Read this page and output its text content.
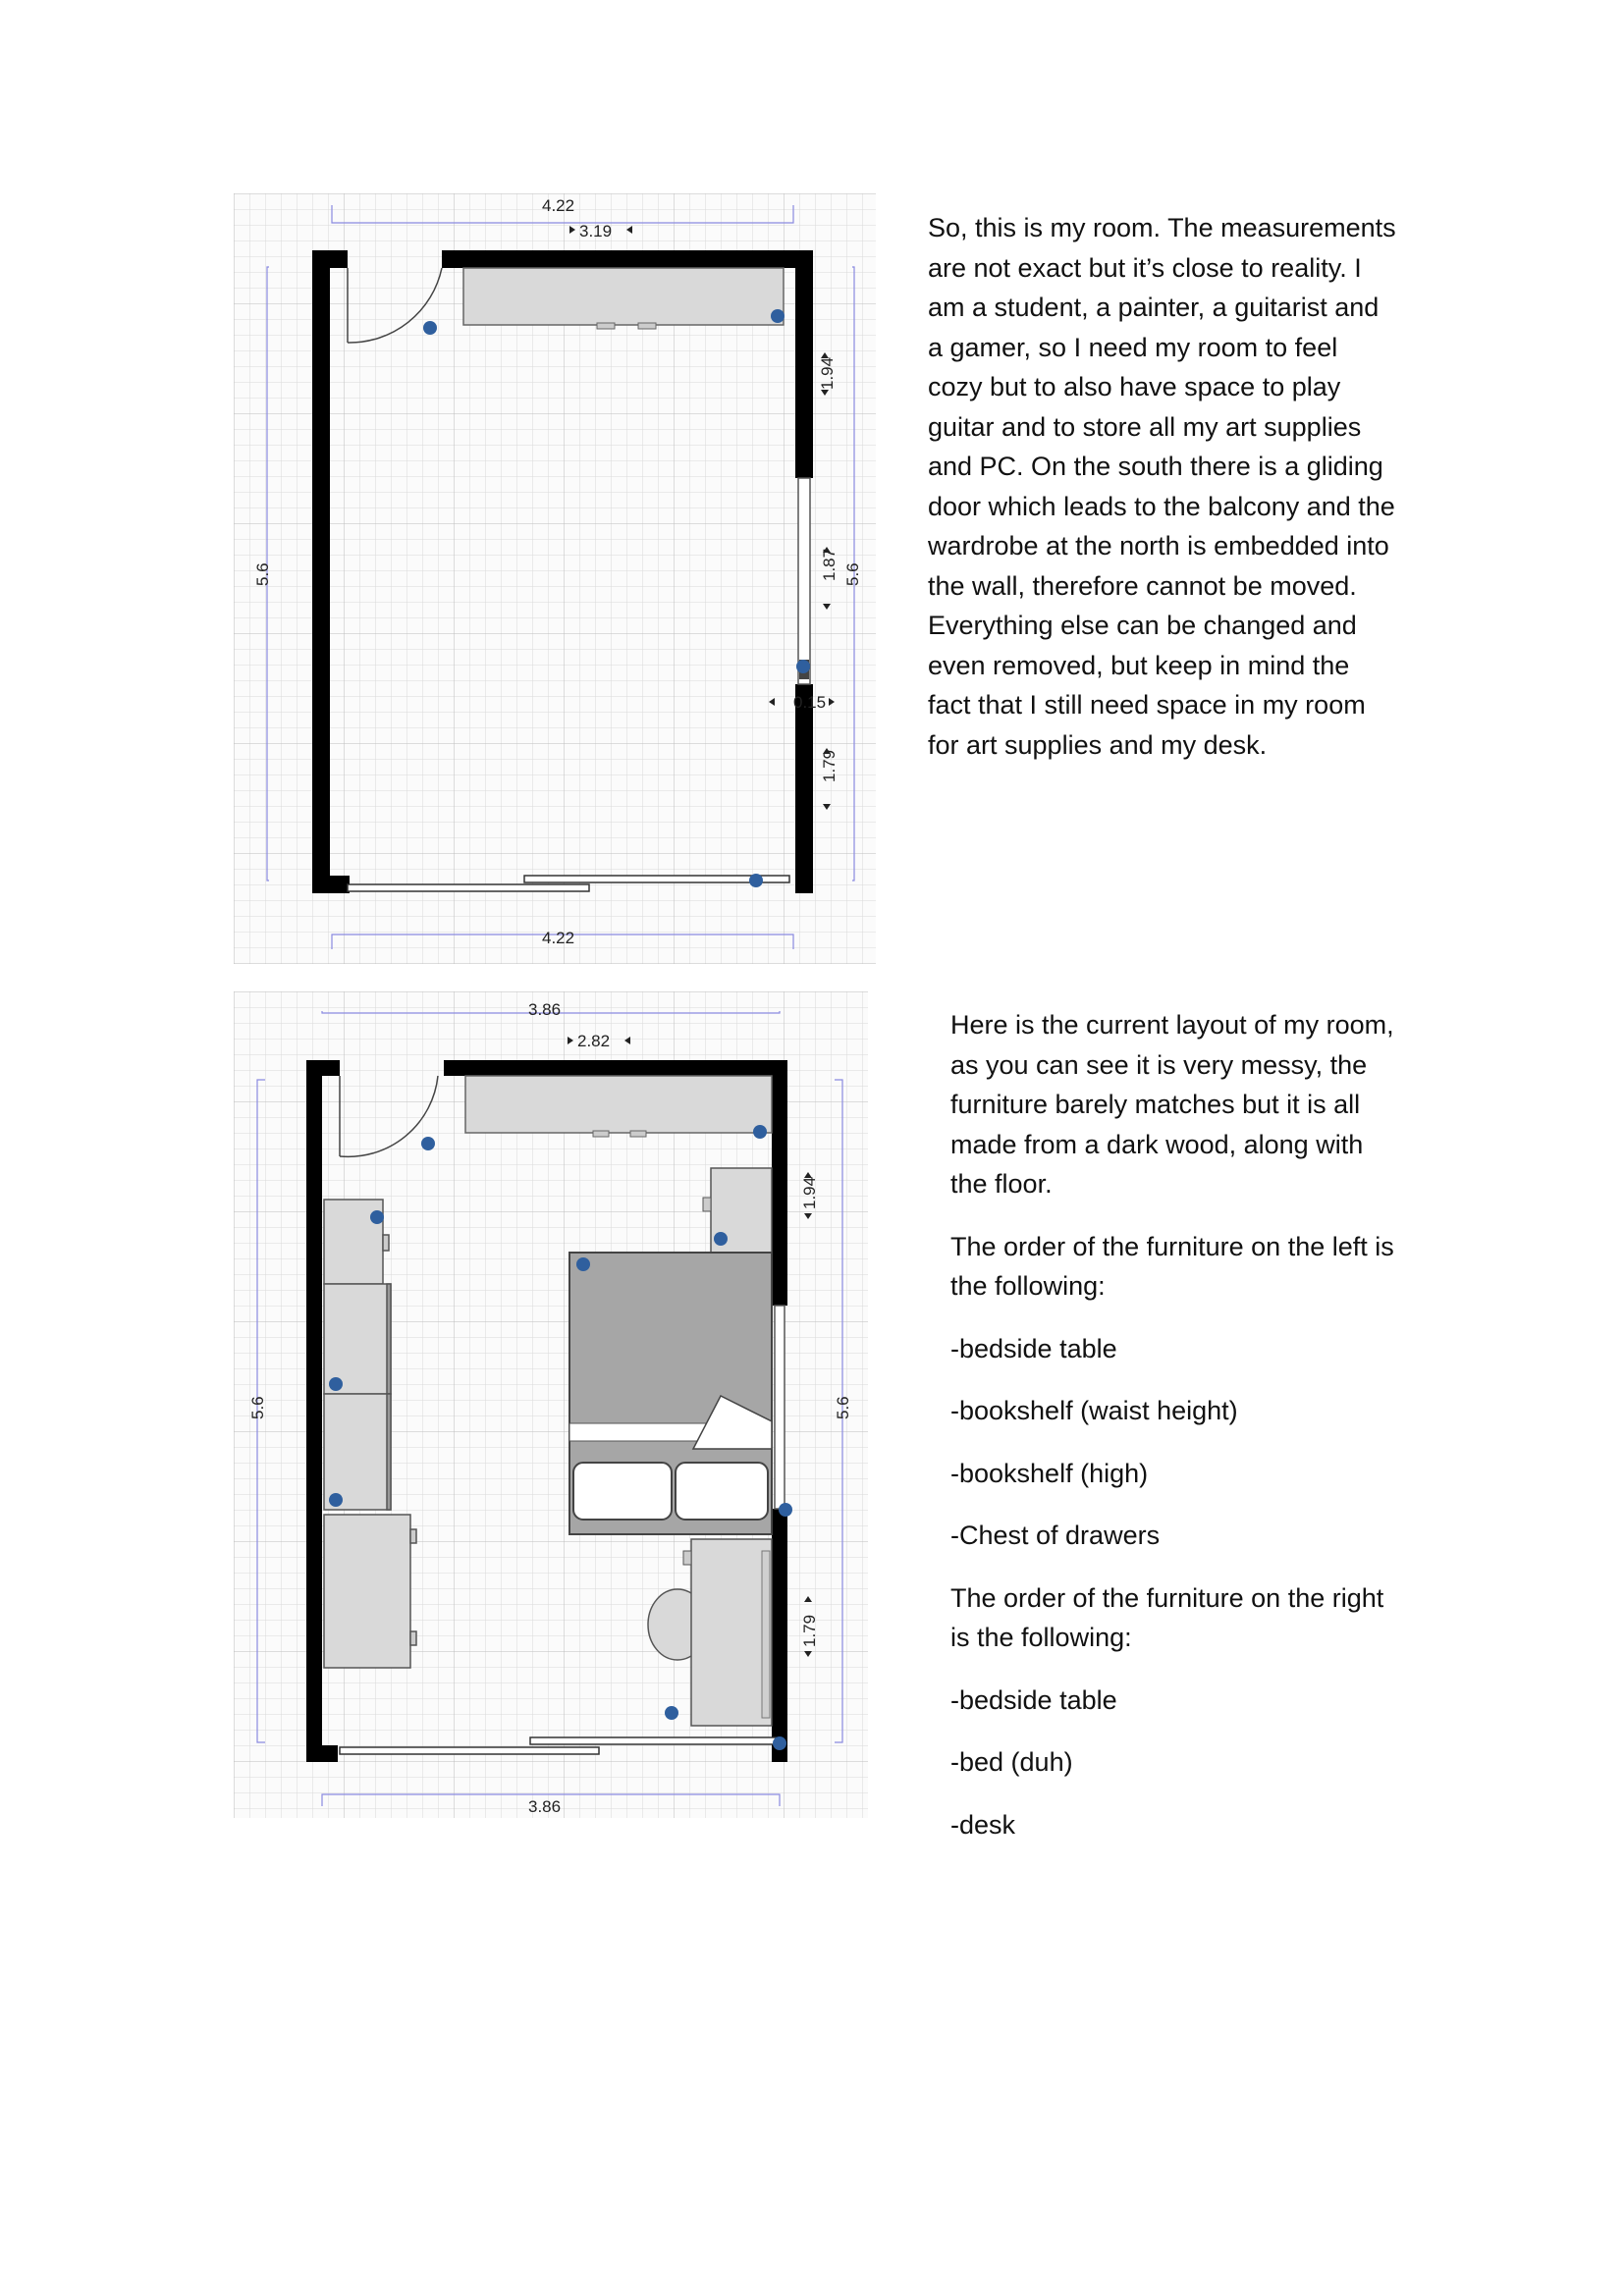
4.22
3.19
4.22
5.6	5.6
1.94
1.87
1.79
0.15

So, this is my room. The measurements are not exact but it’s close to reality. I am a student, a painter, a guitarist and a gamer, so I need my room to feel cozy but to also have space to play guitar and to store all my art supplies and PC. On the south there is a gliding door which leads to the balcony and the wardrobe at the north is embedded into the wall, therefore cannot be moved. Everything else can be changed and even removed, but keep in mind the fact that I still need space in my room for art supplies and my desk.

3.86
2.82
3.86
5.6	5.6
1.94
1.79

Here is the current layout of my room, as you can see it is very messy, the furniture barely matches but it is all made from a dark wood, along with the floor.

The order of the furniture on the left is the following:

-bedside table

-bookshelf (waist height)

-bookshelf (high)

-Chest of drawers

The order of the furniture on the right is the following:

-bedside table

-bed (duh)

-desk
